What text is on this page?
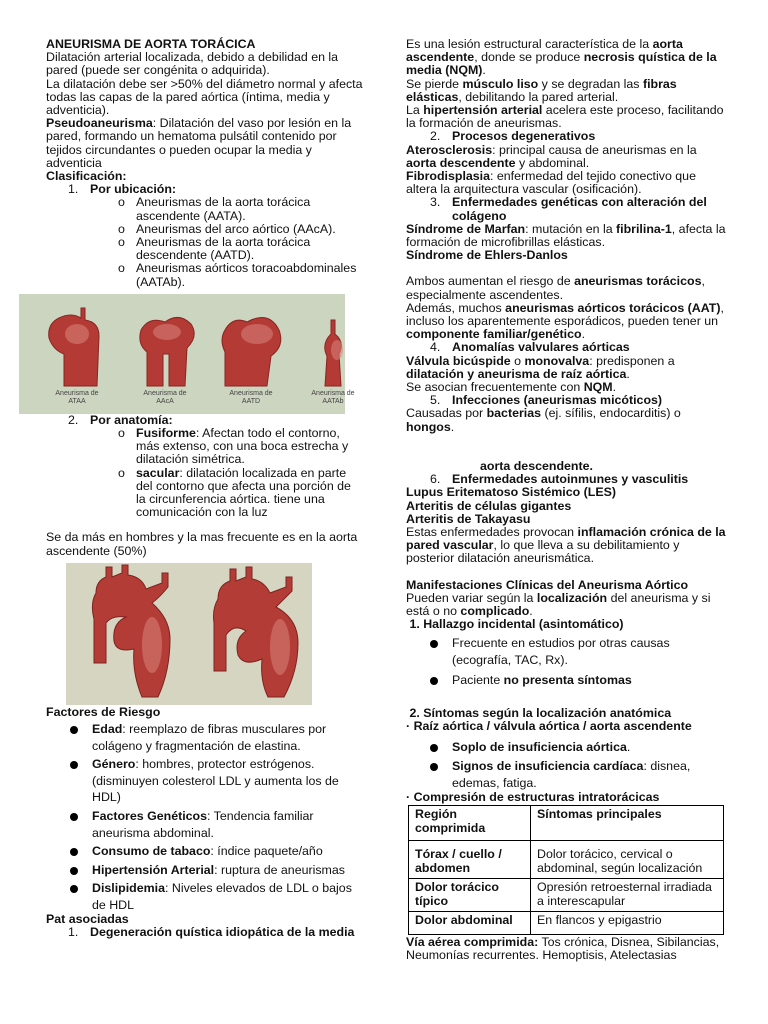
ANEURISMA DE AORTA TORÁCICA

Dilatación arterial localizada, debido a debilidad en la pared (puede ser congénita o adquirida).

La dilatación debe ser >50% del diámetro normal y afecta todas las capas de la pared aórtica (íntima, media y adventicia).

Pseudoaneurisma: Dilatación del vaso por lesión en la pared, formando un hematoma pulsátil contenido por tejidos circundantes o pueden ocupar la media y adventicia

Clasificación:

1. Por ubicación:

o Aneurismas de la aorta torácica ascendente (AATA).

o Aneurismas del arco aórtico (AAcA).

o Aneurismas de la aorta torácica descendente (AATD).

o Aneurismas aórticos toracoabdominales (AATAb).

Aneurisma de ATAA
Aneurisma de AAcA
Aneurisma de AATD
Aneurisma de AATAb

2. Por anatomía:

o Fusiforme: Afectan todo el contorno, más extenso, con una boca estrecha y dilatación simétrica.

o sacular: dilatación localizada en parte del contorno que afecta una porción de la circunferencia aórtica. tiene una comunicación con la luz

Se da más en hombres y la mas frecuente es en la aorta ascendente (50%)

Factores de Riesgo

Edad: reemplazo de fibras musculares por colágeno y fragmentación de elastina.
Género: hombres, protector estrógenos. (disminuyen colesterol LDL y aumenta los de HDL)
Factores Genéticos: Tendencia familiar aneurisma abdominal.
Consumo de tabaco: índice paquete/año
Hipertensión Arterial: ruptura de aneurismas
Dislipidemia: Niveles elevados de LDL o bajos de HDL

Pat asociadas

1. Degeneración quística idiopática de la media

Es una lesión estructural característica de la aorta ascendente, donde se produce necrosis quística de la media (NQM).

Se pierde músculo liso y se degradan las fibras elásticas, debilitando la pared arterial.

La hipertensión arterial acelera este proceso, facilitando la formación de aneurismas.

2. Procesos degenerativos

Aterosclerosis: principal causa de aneurismas en la aorta descendente y abdominal.

Fibrodisplasia: enfermedad del tejido conectivo que altera la arquitectura vascular (osificación).

3. Enfermedades genéticas con alteración del colágeno

Síndrome de Marfan: mutación en la fibrilina-1, afecta la formación de microfibrillas elásticas.

Síndrome de Ehlers-Danlos

Ambos aumentan el riesgo de aneurismas torácicos, especialmente ascendentes.

Además, muchos aneurismas aórticos torácicos (AAT), incluso los aparentemente esporádicos, pueden tener un componente familiar/genético.

4. Anomalías valvulares aórticas

Válvula bicúspide o monovalva: predisponen a dilatación y aneurisma de raíz aórtica.

Se asocian frecuentemente con NQM.

5. Infecciones (aneurismas micóticos)

Causadas por bacterias (ej. sífilis, endocarditis) o hongos.

aorta descendente.

6. Enfermedades autoinmunes y vasculitis

Lupus Eritematoso Sistémico (LES)

Arteritis de células gigantes

Arteritis de Takayasu

Estas enfermedades provocan inflamación crónica de la pared vascular, lo que lleva a su debilitamiento y posterior dilatación aneurismática.

Manifestaciones Clínicas del Aneurisma Aórtico

Pueden variar según la localización del aneurisma y si está o no complicado.

1. Hallazgo incidental (asintomático)

Frecuente en estudios por otras causas (ecografía, TAC, Rx).
Paciente no presenta síntomas

2. Síntomas según la localización anatómica

· Raíz aórtica / válvula aórtica / aorta ascendente

Soplo de insuficiencia aórtica.
Signos de insuficiencia cardíaca: disnea, edemas, fatiga.

· Compresión de estructuras intratorácicas

Región comprimida	Síntomas principales
Tórax / cuello / abdomen	Dolor torácico, cervical o abdominal, según localización
Dolor torácico típico	Opresión retroesternal irradiada a interescapular
Dolor abdominal	En flancos y epigastrio

Vía aérea comprimida: Tos crónica, Disnea, Sibilancias, Neumonías recurrentes. Hemoptisis, Atelectasias
